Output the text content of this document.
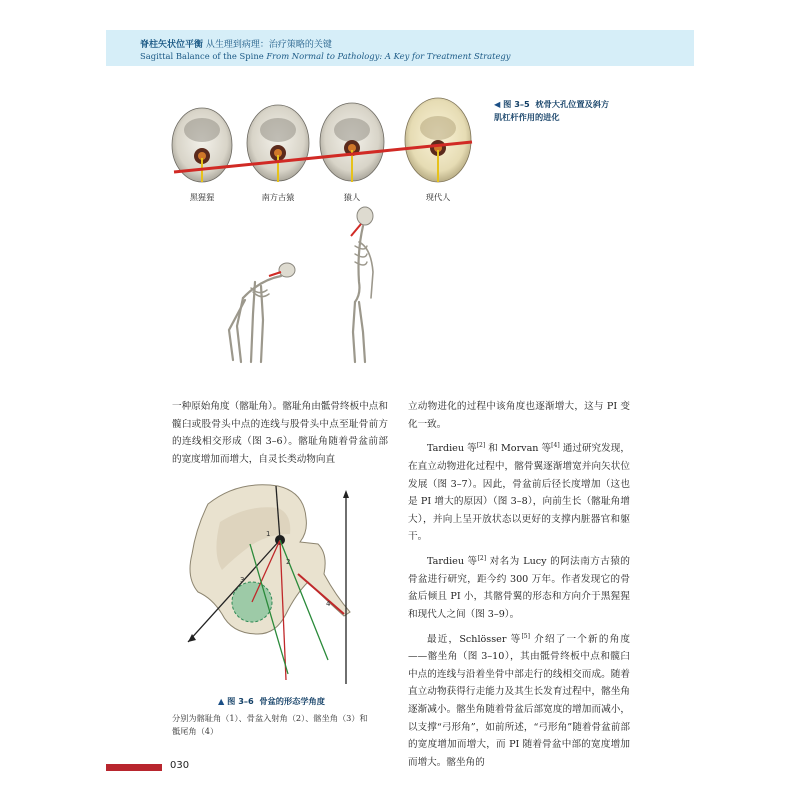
脊柱矢状位平衡 从生理到病理：治疗策略的关键
Sagittal Balance of the Spine From Normal to Pathology: A Key for Treatment Strategy
黑猩猩	南方古猿	猿人	现代人
◀ 图 3–5 枕骨大孔位置及斜方
肌杠杆作用的进化

一种原始角度（髂耻角）。髂耻角由骶骨终板中点和髋臼或股骨头中点的连线与股骨头中点至耻骨前方的连线相交形成（图 3–6）。髂耻角随着骨盆前部的宽度增加而增大，自灵长类动物向直

1
2
3
4
▲ 图 3–6 骨盆的形态学角度
分别为髂耻角（1）、骨盆入射角（2）、髂坐角（3）和
骶尾角（4）

立动物进化的过程中该角度也逐渐增大，这与 PI 变化一致。

Tardieu 等[2] 和 Morvan 等[4] 通过研究发现，在直立动物进化过程中，髂骨翼逐渐增宽并向矢状位发展（图 3–7）。因此，骨盆前后径长度增加（这也是 PI 增大的原因）（图 3–8），向前生长（髂耻角增大），并向上呈开放状态以更好的支撑内脏器官和躯干。

Tardieu 等[2] 对名为 Lucy 的阿法南方古猿的骨盆进行研究，距今约 300 万年。作者发现它的骨盆后倾且 PI 小，其髂骨翼的形态和方向介于黑猩猩和现代人之间（图 3–9）。

最近，Schlösser 等[5] 介绍了一个新的角度——髂坐角（图 3–10），其由骶骨终板中点和髋臼中点的连线与沿着坐骨中部走行的线相交而成。随着直立动物获得行走能力及其生长发育过程中，髂坐角逐渐减小。髂坐角随着骨盆后部宽度的增加而减小，以支撑“弓形角”，如前所述，“弓形角”随着骨盆前部的宽度增加而增大，而 PI 随着骨盆中部的宽度增加而增大。髂坐角的

030
